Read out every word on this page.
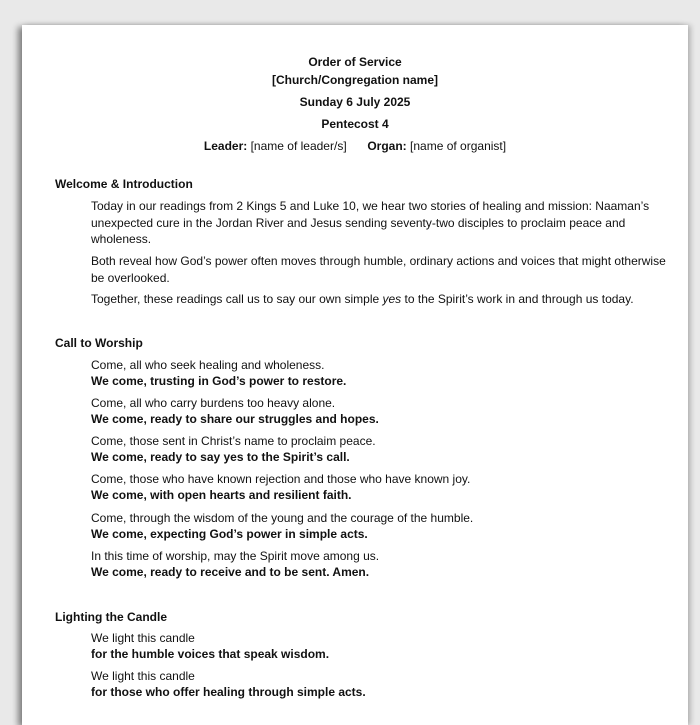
Order of Service
[Church/Congregation name]
Sunday 6 July 2025
Pentecost 4
Leader: [name of leader/s] Organ: [name of organist]
Welcome & Introduction
Today in our readings from 2 Kings 5 and Luke 10, we hear two stories of healing and mission: Naaman’s unexpected cure in the Jordan River and Jesus sending seventy-two disciples to proclaim peace and wholeness.
Both reveal how God’s power often moves through humble, ordinary actions and voices that might otherwise be overlooked.
Together, these readings call us to say our own simple yes to the Spirit’s work in and through us today.
Call to Worship
Come, all who seek healing and wholeness.
We come, trusting in God’s power to restore.
Come, all who carry burdens too heavy alone.
We come, ready to share our struggles and hopes.
Come, those sent in Christ’s name to proclaim peace.
We come, ready to say yes to the Spirit’s call.
Come, those who have known rejection and those who have known joy.
We come, with open hearts and resilient faith.
Come, through the wisdom of the young and the courage of the humble.
We come, expecting God’s power in simple acts.
In this time of worship, may the Spirit move among us.
We come, ready to receive and to be sent. Amen.
Lighting the Candle
We light this candle
for the humble voices that speak wisdom.
We light this candle
for those who offer healing through simple acts.
